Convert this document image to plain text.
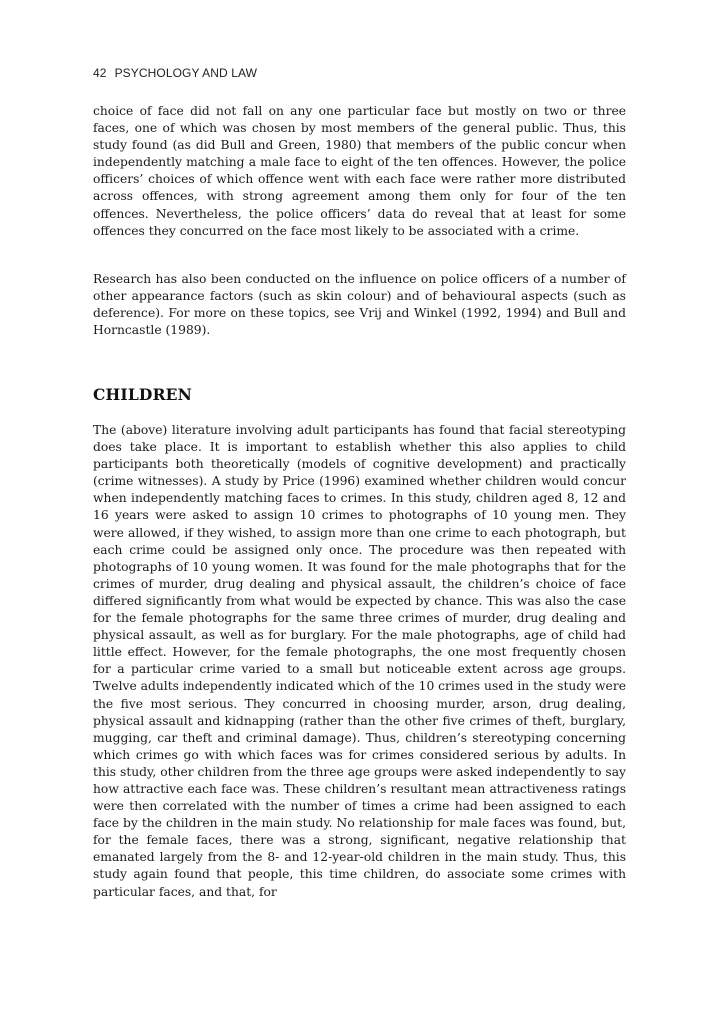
42 PSYCHOLOGY AND LAW

choice of face did not fall on any one particular face but mostly on two or three faces, one of which was chosen by most members of the general public. Thus, this study found (as did Bull and Green, 1980) that members of the public concur when independently matching a male face to eight of the ten offences. However, the police officers’ choices of which offence went with each face were rather more distributed across offences, with strong agreement among them only for four of the ten offences. Nevertheless, the police officers’ data do reveal that at least for some offences they concurred on the face most likely to be associated with a crime.

Research has also been conducted on the influence on police officers of a number of other appearance factors (such as skin colour) and of behavioural aspects (such as deference). For more on these topics, see Vrij and Winkel (1992, 1994) and Bull and Horncastle (1989).

CHILDREN

The (above) literature involving adult participants has found that facial stereotyping does take place. It is important to establish whether this also applies to child participants both theoretically (models of cognitive development) and practically (crime witnesses). A study by Price (1996) examined whether children would concur when independently matching faces to crimes. In this study, children aged 8, 12 and 16 years were asked to assign 10 crimes to photographs of 10 young men. They were allowed, if they wished, to assign more than one crime to each photograph, but each crime could be assigned only once. The procedure was then repeated with photographs of 10 young women. It was found for the male photographs that for the crimes of murder, drug dealing and physical assault, the children’s choice of face differed significantly from what would be expected by chance. This was also the case for the female photographs for the same three crimes of murder, drug dealing and physical assault, as well as for burglary. For the male photographs, age of child had little effect. However, for the female photographs, the one most frequently chosen for a particular crime varied to a small but noticeable extent across age groups. Twelve adults independently indicated which of the 10 crimes used in the study were the five most serious. They concurred in choosing murder, arson, drug dealing, physical assault and kidnapping (rather than the other five crimes of theft, burglary, mugging, car theft and criminal damage). Thus, children’s stereotyping concerning which crimes go with which faces was for crimes considered serious by adults. In this study, other children from the three age groups were asked independently to say how attractive each face was. These children’s resultant mean attractiveness ratings were then correlated with the number of times a crime had been assigned to each face by the children in the main study. No relationship for male faces was found, but, for the female faces, there was a strong, significant, negative relationship that emanated largely from the 8- and 12-year-old children in the main study. Thus, this study again found that people, this time children, do associate some crimes with particular faces, and that, for
